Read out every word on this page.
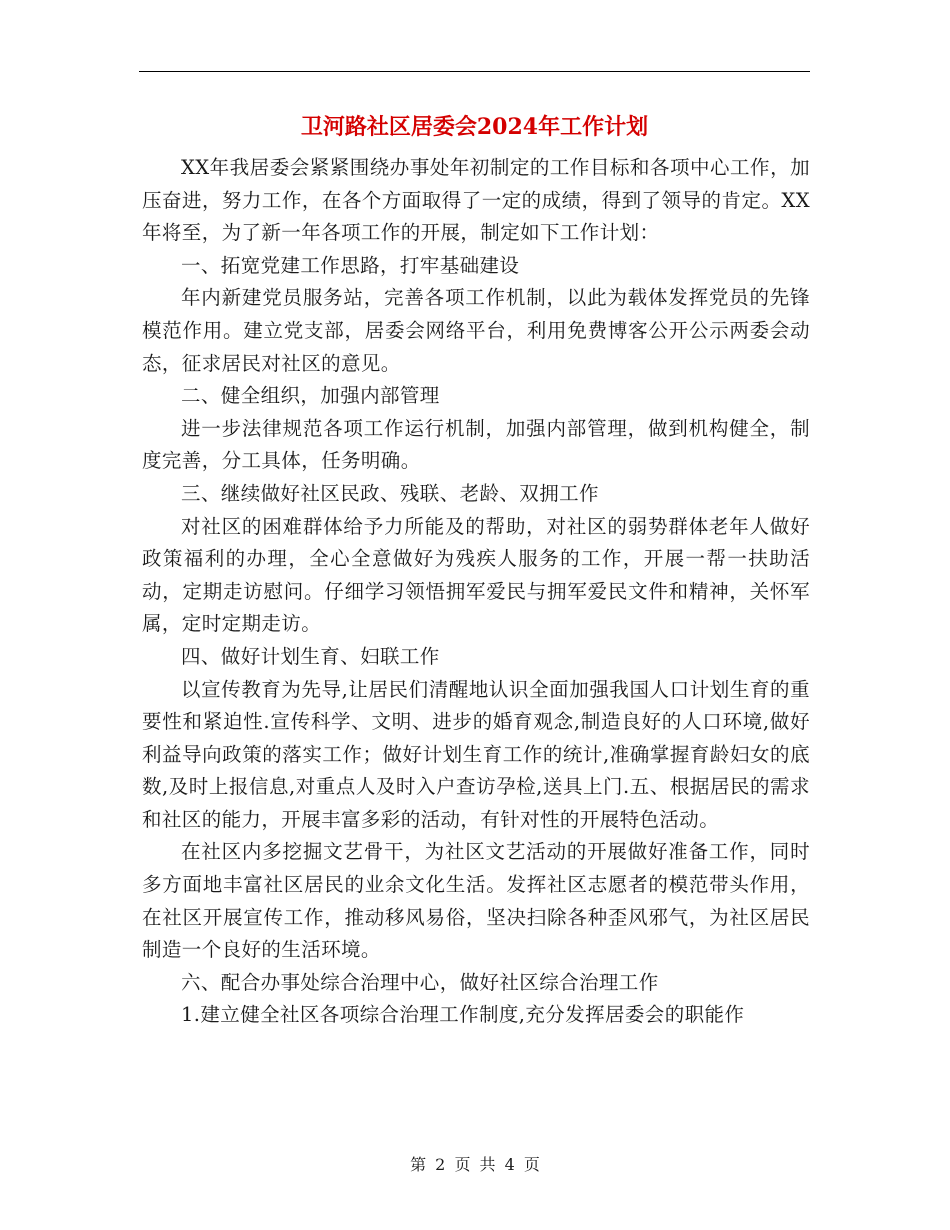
卫河路社区居委会2024年工作计划

XX年我居委会紧紧围绕办事处年初制定的工作目标和各项中心工作，加压奋进，努力工作，在各个方面取得了一定的成绩，得到了领导的肯定。XX年将至，为了新一年各项工作的开展，制定如下工作计划：

一、拓宽党建工作思路，打牢基础建设

年内新建党员服务站，完善各项工作机制，以此为载体发挥党员的先锋模范作用。建立党支部，居委会网络平台，利用免费博客公开公示两委会动态，征求居民对社区的意见。

二、健全组织，加强内部管理

进一步法律规范各项工作运行机制，加强内部管理，做到机构健全，制度完善，分工具体，任务明确。

三、继续做好社区民政、残联、老龄、双拥工作

对社区的困难群体给予力所能及的帮助，对社区的弱势群体老年人做好政策福利的办理，全心全意做好为残疾人服务的工作，开展一帮一扶助活动，定期走访慰问。仔细学习领悟拥军爱民与拥军爱民文件和精神，关怀军属，定时定期走访。

四、做好计划生育、妇联工作

以宣传教育为先导,让居民们清醒地认识全面加强我国人口计划生育的重要性和紧迫性.宣传科学、文明、进步的婚育观念,制造良好的人口环境,做好利益导向政策的落实工作；做好计划生育工作的统计,准确掌握育龄妇女的底数,及时上报信息,对重点人及时入户查访孕检,送具上门.五、根据居民的需求和社区的能力，开展丰富多彩的活动，有针对性的开展特色活动。

在社区内多挖掘文艺骨干，为社区文艺活动的开展做好准备工作，同时多方面地丰富社区居民的业余文化生活。发挥社区志愿者的模范带头作用，在社区开展宣传工作，推动移风易俗，坚决扫除各种歪风邪气，为社区居民制造一个良好的生活环境。

六、配合办事处综合治理中心，做好社区综合治理工作

1.建立健全社区各项综合治理工作制度,充分发挥居委会的职能作

第 2 页 共 4 页
